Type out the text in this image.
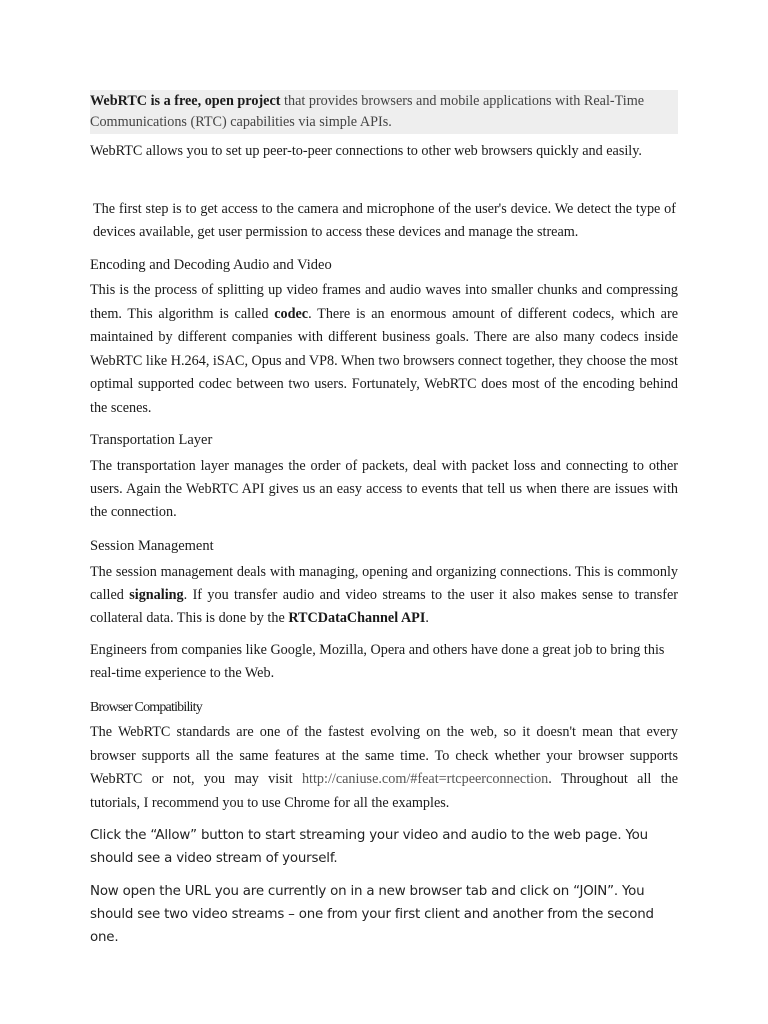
WebRTC is a free, open project that provides browsers and mobile applications with Real-Time Communications (RTC) capabilities via simple APIs.
WebRTC allows you to set up peer-to-peer connections to other web browsers quickly and easily.
The first step is to get access to the camera and microphone of the user's device. We detect the type of devices available, get user permission to access these devices and manage the stream.
Encoding and Decoding Audio and Video
This is the process of splitting up video frames and audio waves into smaller chunks and compressing them. This algorithm is called codec. There is an enormous amount of different codecs, which are maintained by different companies with different business goals. There are also many codecs inside WebRTC like H.264, iSAC, Opus and VP8. When two browsers connect together, they choose the most optimal supported codec between two users. Fortunately, WebRTC does most of the encoding behind the scenes.
Transportation Layer
The transportation layer manages the order of packets, deal with packet loss and connecting to other users. Again the WebRTC API gives us an easy access to events that tell us when there are issues with the connection.
Session Management
The session management deals with managing, opening and organizing connections. This is commonly called signaling. If you transfer audio and video streams to the user it also makes sense to transfer collateral data. This is done by the RTCDataChannel API.
Engineers from companies like Google, Mozilla, Opera and others have done a great job to bring this real-time experience to the Web.
Browser Compatibility
The WebRTC standards are one of the fastest evolving on the web, so it doesn't mean that every browser supports all the same features at the same time. To check whether your browser supports WebRTC or not, you may visit http://caniuse.com/#feat=rtcpeerconnection. Throughout all the tutorials, I recommend you to use Chrome for all the examples.
Click the “Allow” button to start streaming your video and audio to the web page. You should see a video stream of yourself.
Now open the URL you are currently on in a new browser tab and click on “JOIN”. You should see two video streams – one from your first client and another from the second one.
